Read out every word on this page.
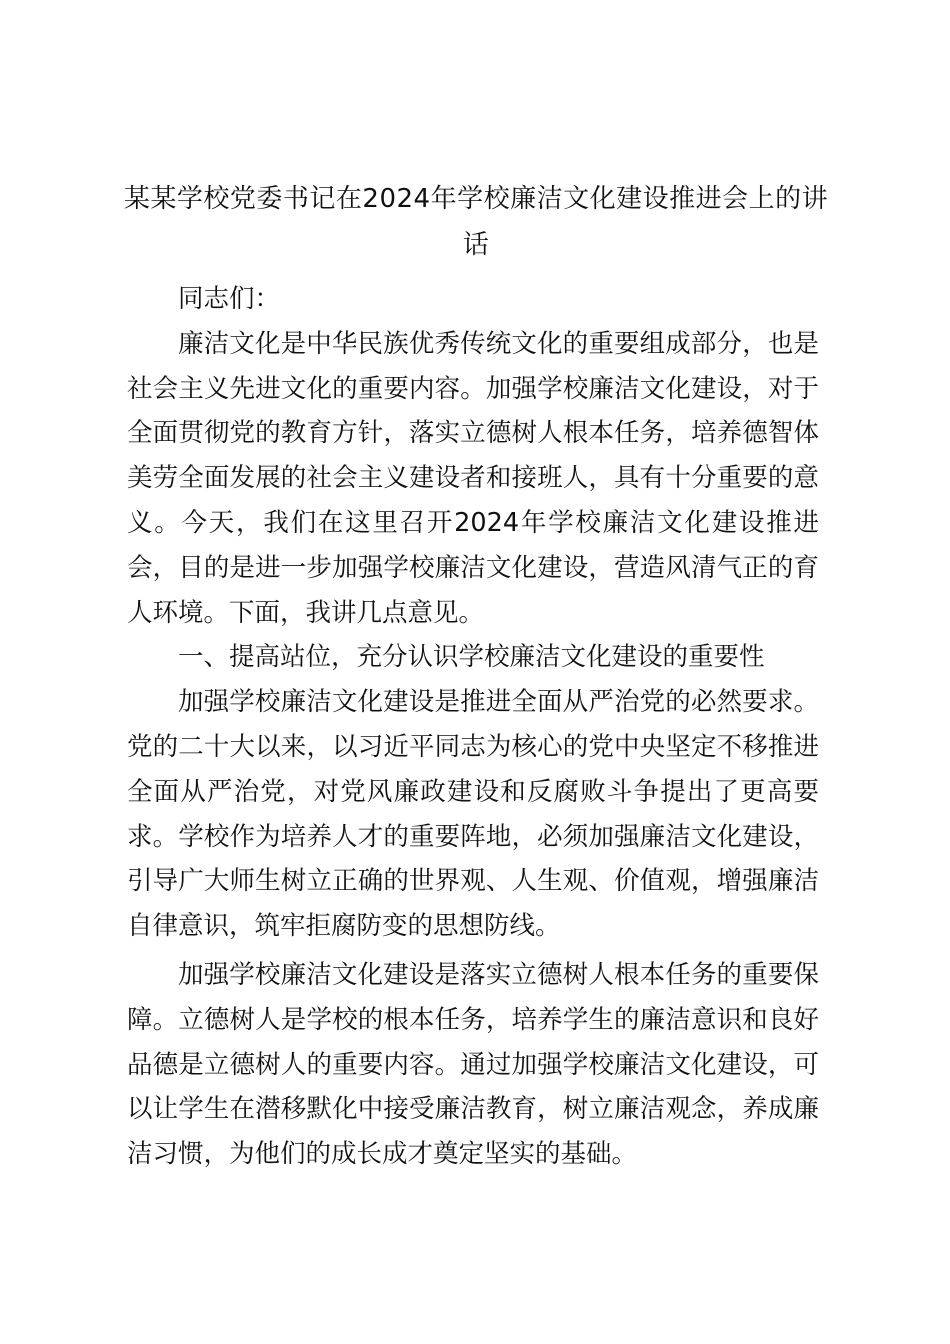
某某学校党委书记在2024年学校廉洁文化建设推进会上的讲话

同志们：

廉洁文化是中华民族优秀传统文化的重要组成部分，也是社会主义先进文化的重要内容。加强学校廉洁文化建设，对于全面贯彻党的教育方针，落实立德树人根本任务，培养德智体美劳全面发展的社会主义建设者和接班人，具有十分重要的意义。今天，我们在这里召开2024年学校廉洁文化建设推进会，目的是进一步加强学校廉洁文化建设，营造风清气正的育人环境。下面，我讲几点意见。

一、提高站位，充分认识学校廉洁文化建设的重要性

加强学校廉洁文化建设是推进全面从严治党的必然要求。党的二十大以来，以习近平同志为核心的党中央坚定不移推进全面从严治党，对党风廉政建设和反腐败斗争提出了更高要求。学校作为培养人才的重要阵地，必须加强廉洁文化建设，引导广大师生树立正确的世界观、人生观、价值观，增强廉洁自律意识，筑牢拒腐防变的思想防线。

加强学校廉洁文化建设是落实立德树人根本任务的重要保障。立德树人是学校的根本任务，培养学生的廉洁意识和良好品德是立德树人的重要内容。通过加强学校廉洁文化建设，可以让学生在潜移默化中接受廉洁教育，树立廉洁观念，养成廉洁习惯，为他们的成长成才奠定坚实的基础。
